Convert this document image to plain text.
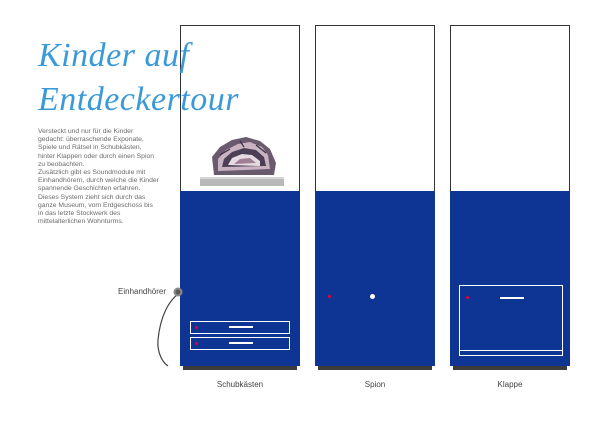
Kinder auf
Entdeckertour

Versteckt und nur für die Kinder gedacht: überraschende Exponate, Spiele und Rätsel in Schubkästen, hinter Klappen oder durch einen Spion zu beobachten.

Zusätzlich gibt es Soundmodule mit Einhandhörern, durch welche die Kinder spannende Geschichten erfahren.

Dieses System zieht sich durch das ganze Museum, vom Erdgeschoss bis in das letzte Stockwerk des mittelalterlichen Wohnturms.

Schubkästen
Einhandhörer
Spion	Klappe
